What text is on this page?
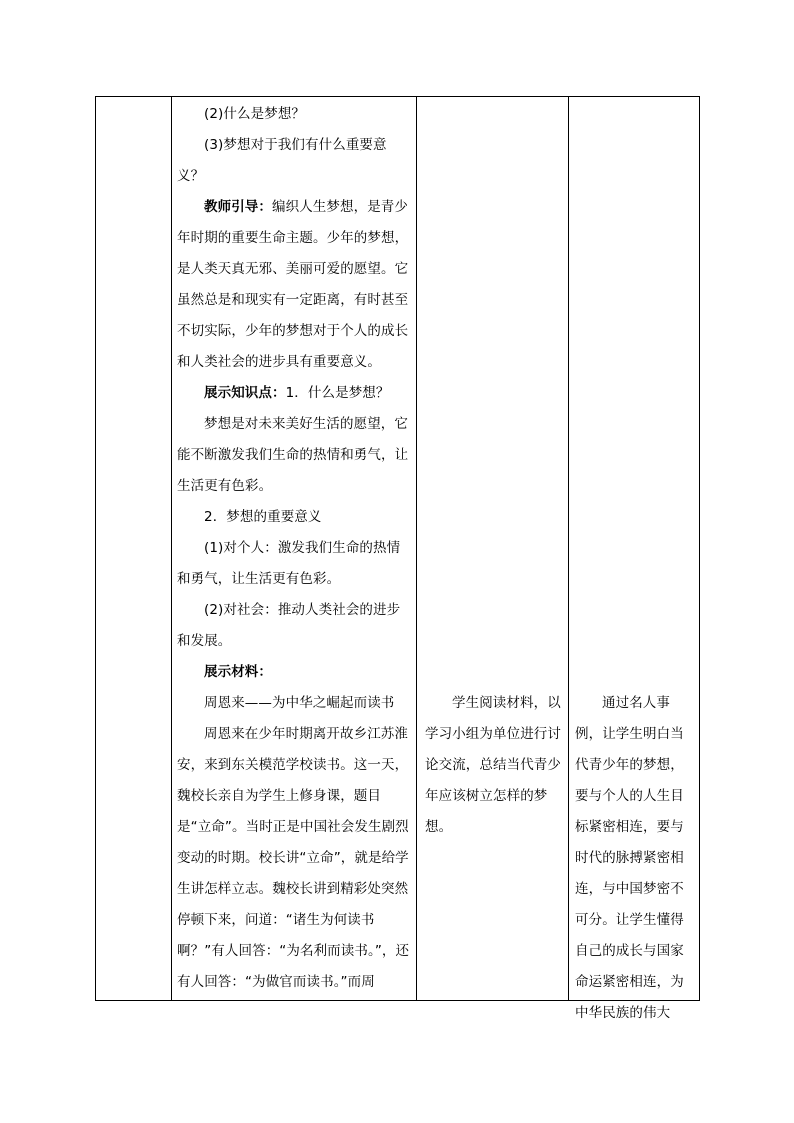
(2)什么是梦想？

(3)梦想对于我们有什么重要意义？

教师引导：编织人生梦想，是青少年时期的重要生命主题。少年的梦想，是人类天真无邪、美丽可爱的愿望。它虽然总是和现实有一定距离，有时甚至不切实际，少年的梦想对于个人的成长和人类社会的进步具有重要意义。

展示知识点：1．什么是梦想？

梦想是对未来美好生活的愿望，它能不断激发我们生命的热情和勇气，让生活更有色彩。

2．梦想的重要意义

(1)对个人：激发我们生命的热情和勇气，让生活更有色彩。

(2)对社会：推动人类社会的进步和发展。

展示材料：

周恩来——为中华之崛起而读书

周恩来在少年时期离开故乡江苏淮安，来到东关模范学校读书。这一天，魏校长亲自为学生上修身课，题目是“立命”。当时正是中国社会发生剧烈变动的时期。校长讲“立命”，就是给学生讲怎样立志。魏校长讲到精彩处突然停顿下来，问道：“诸生为何读书啊？”有人回答：“为名利而读书。”，还有人回答：“为做官而读书。”而周

学生阅读材料，以学习小组为单位进行讨论交流，总结当代青少年应该树立怎样的梦想。

通过名人事例，让学生明白当代青少年的梦想，要与个人的人生目标紧密相连，要与时代的脉搏紧密相连，与中国梦密不可分。让学生懂得自己的成长与国家命运紧密相连，为中华民族的伟大
